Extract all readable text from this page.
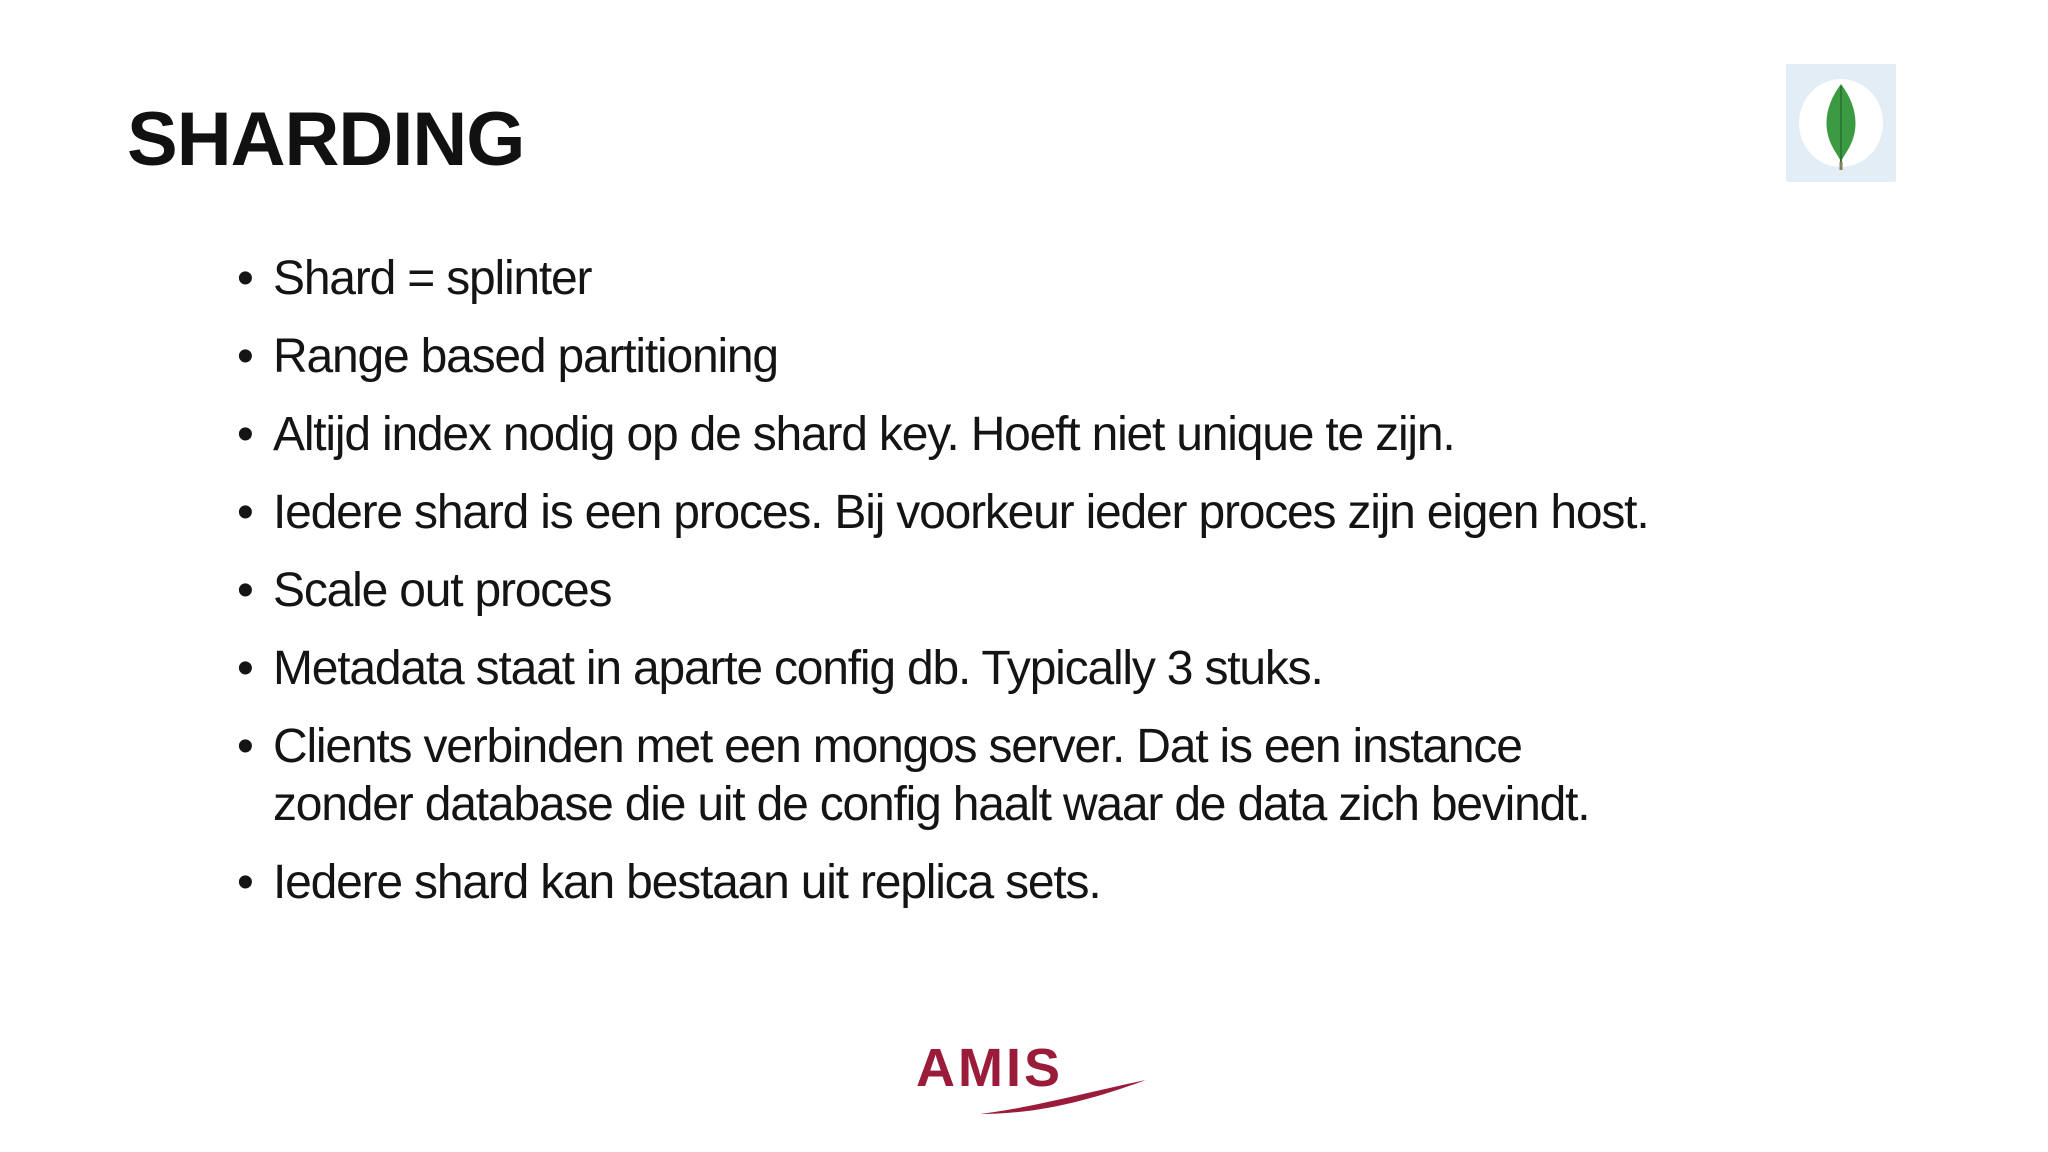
SHARDING
• Shard = splinter
• Range based partitioning
• Altijd index nodig op de shard key. Hoeft niet unique te zijn.
• Iedere shard is een proces. Bij voorkeur ieder proces zijn eigen host.
• Scale out proces
• Metadata staat in aparte config db. Typically 3 stuks.
• Clients verbinden met een mongos server. Dat is een instance zonder database die uit de config haalt waar de data zich bevindt.
• Iedere shard kan bestaan uit replica sets.
AMIS
